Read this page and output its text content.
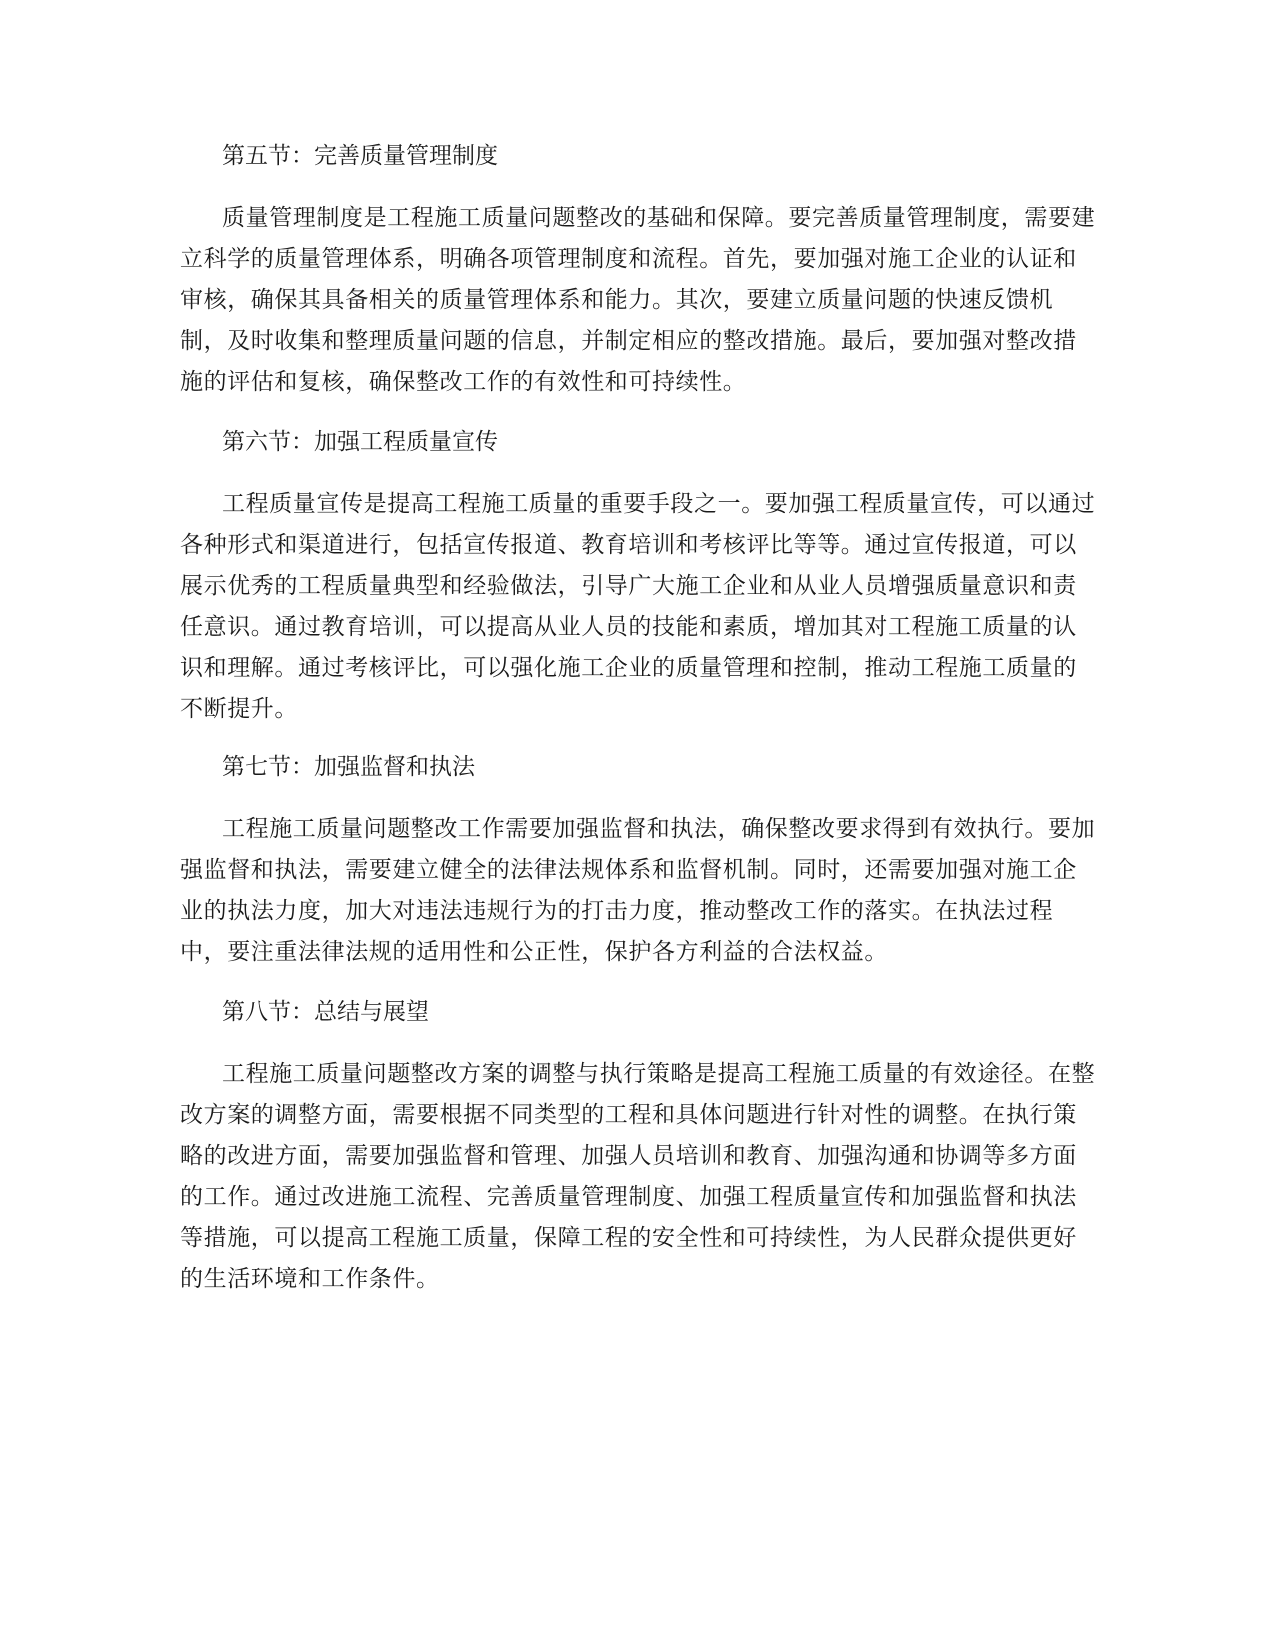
第五节：完善质量管理制度

质量管理制度是工程施工质量问题整改的基础和保障。要完善质量管理制度，需要建立科学的质量管理体系，明确各项管理制度和流程。首先，要加强对施工企业的认证和审核，确保其具备相关的质量管理体系和能力。其次，要建立质量问题的快速反馈机制，及时收集和整理质量问题的信息，并制定相应的整改措施。最后，要加强对整改措施的评估和复核，确保整改工作的有效性和可持续性。

第六节：加强工程质量宣传

工程质量宣传是提高工程施工质量的重要手段之一。要加强工程质量宣传，可以通过各种形式和渠道进行，包括宣传报道、教育培训和考核评比等等。通过宣传报道，可以展示优秀的工程质量典型和经验做法，引导广大施工企业和从业人员增强质量意识和责任意识。通过教育培训，可以提高从业人员的技能和素质，增加其对工程施工质量的认识和理解。通过考核评比，可以强化施工企业的质量管理和控制，推动工程施工质量的不断提升。

第七节：加强监督和执法

工程施工质量问题整改工作需要加强监督和执法，确保整改要求得到有效执行。要加强监督和执法，需要建立健全的法律法规体系和监督机制。同时，还需要加强对施工企业的执法力度，加大对违法违规行为的打击力度，推动整改工作的落实。在执法过程中，要注重法律法规的适用性和公正性，保护各方利益的合法权益。

第八节：总结与展望

工程施工质量问题整改方案的调整与执行策略是提高工程施工质量的有效途径。在整改方案的调整方面，需要根据不同类型的工程和具体问题进行针对性的调整。在执行策略的改进方面，需要加强监督和管理、加强人员培训和教育、加强沟通和协调等多方面的工作。通过改进施工流程、完善质量管理制度、加强工程质量宣传和加强监督和执法等措施，可以提高工程施工质量，保障工程的安全性和可持续性，为人民群众提供更好的生活环境和工作条件。
